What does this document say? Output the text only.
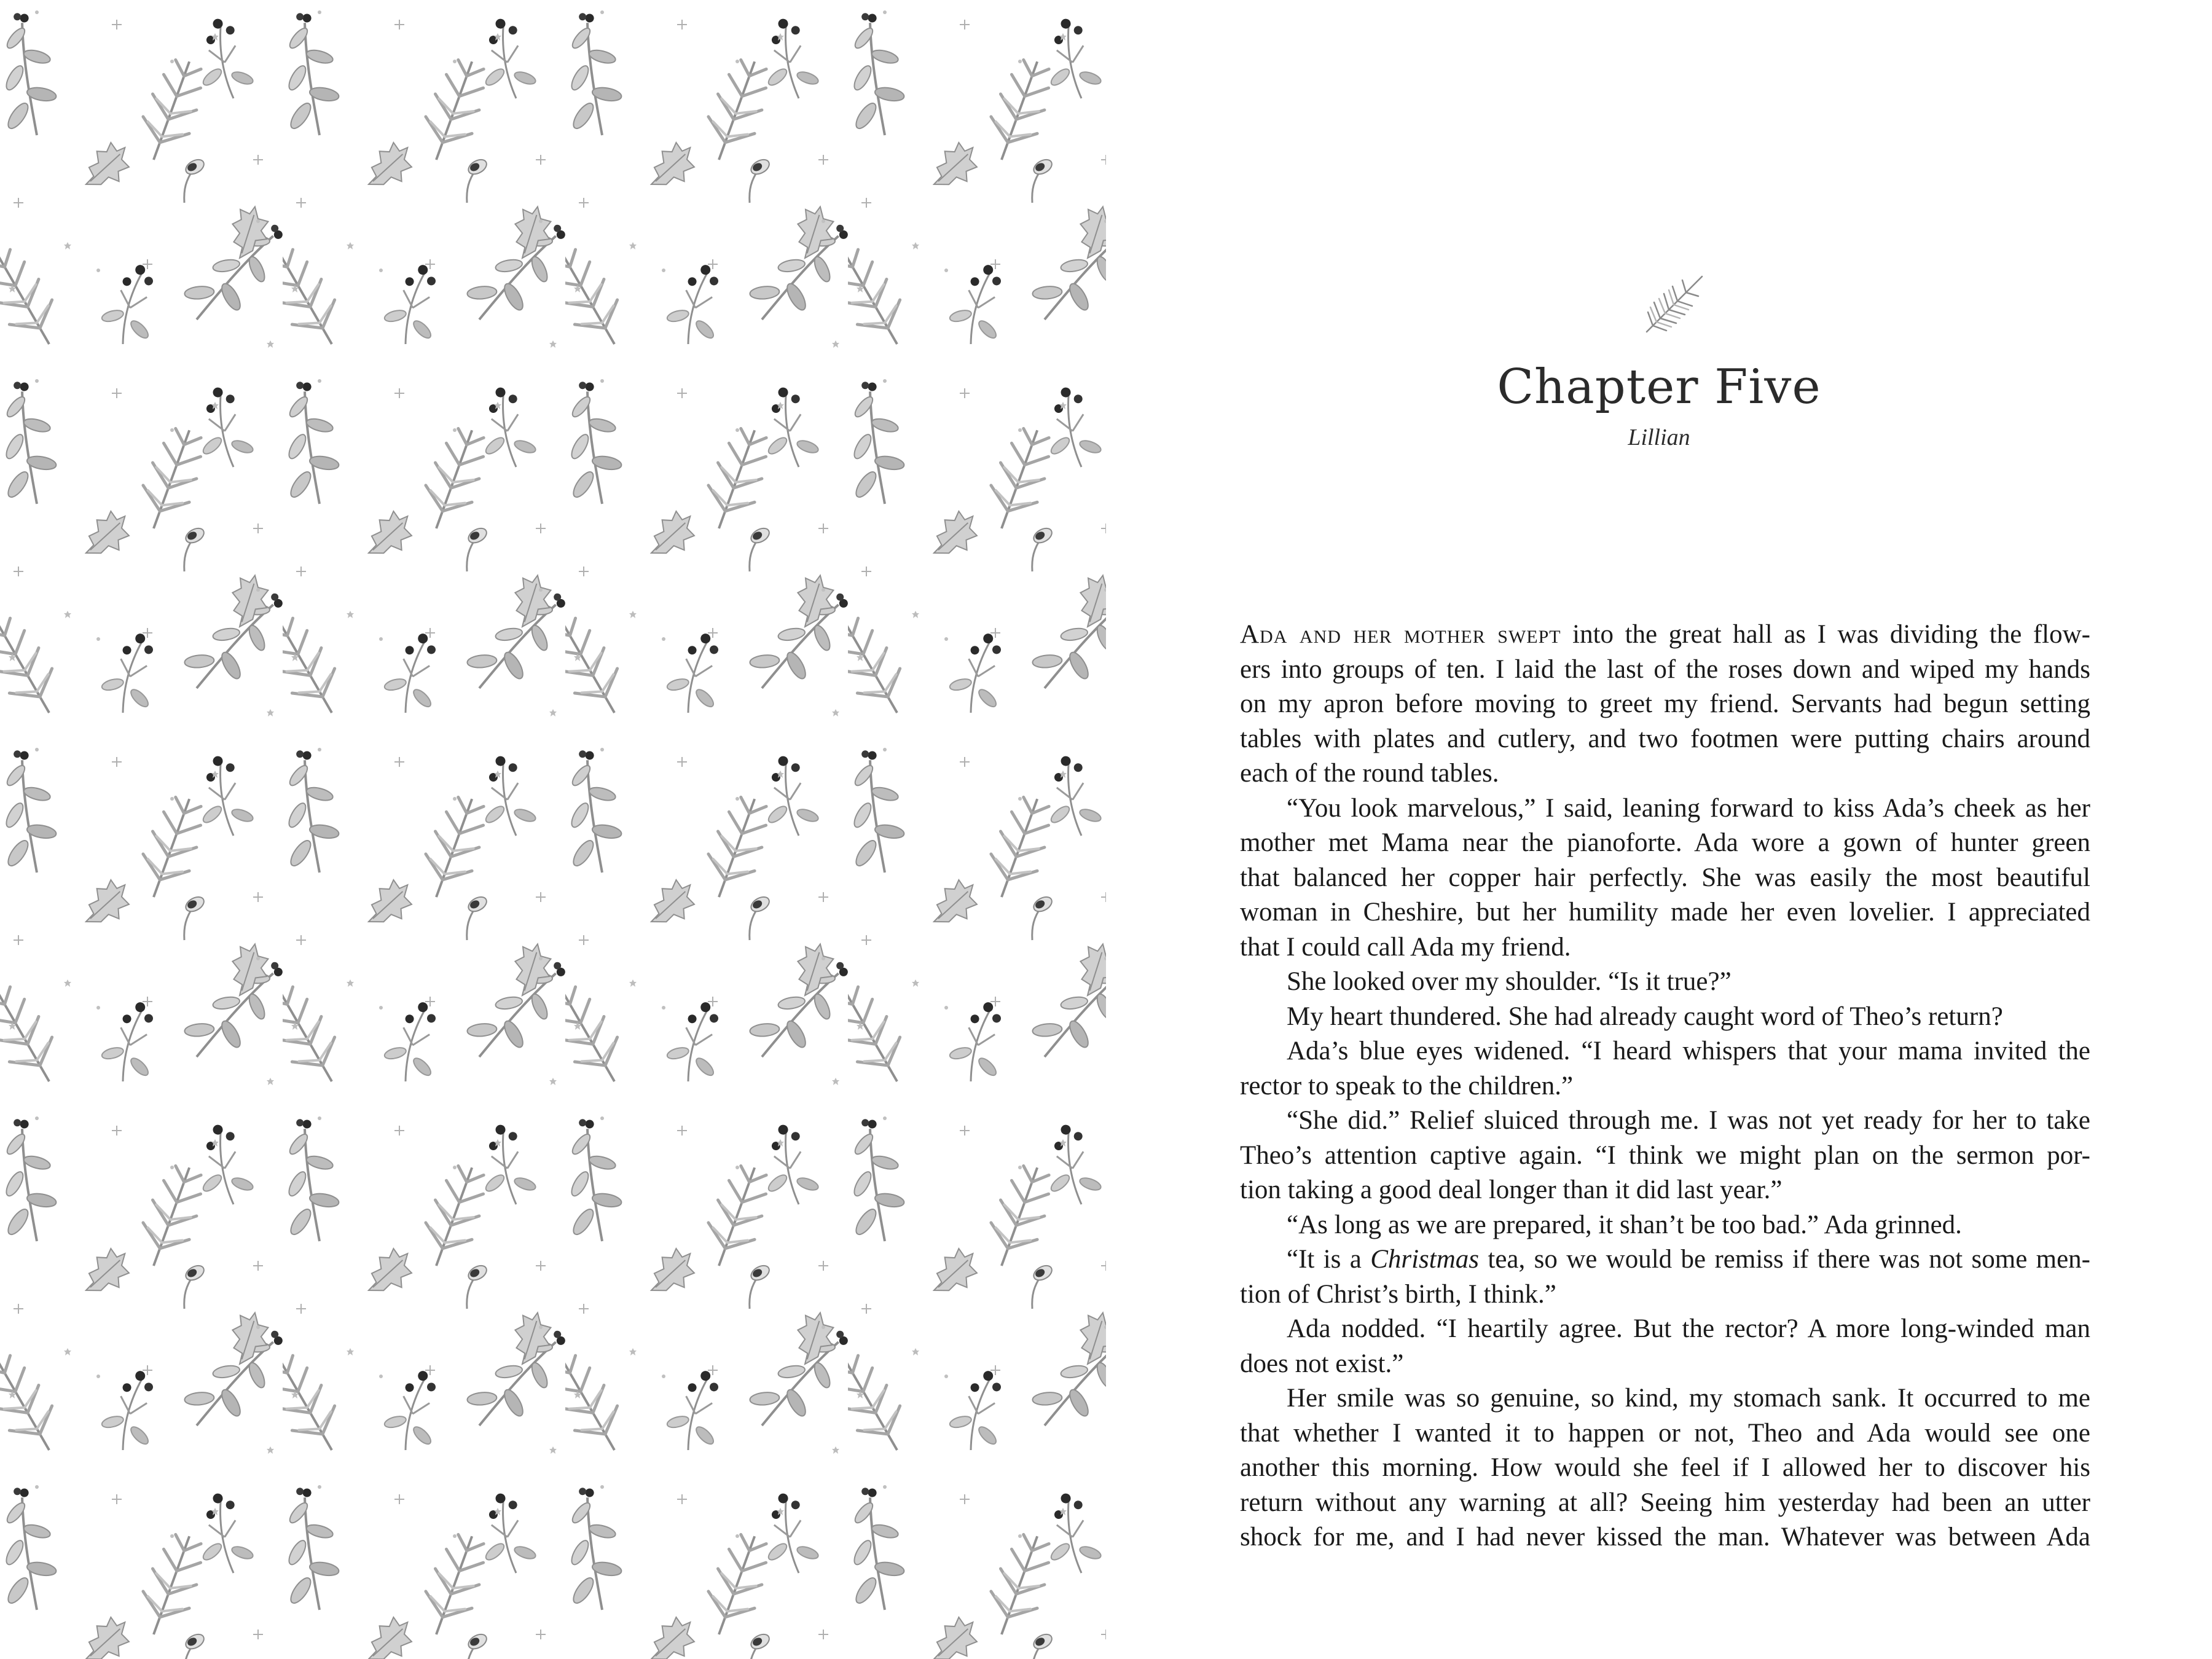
Chapter Five
Lillian
Ada and her mother swept into the great hall as I was dividing the flow-
ers into groups of ten. I laid the last of the roses down and wiped my hands
on my apron before moving to greet my friend. Servants had begun setting
tables with plates and cutlery, and two footmen were putting chairs around
each of the round tables.
“You look marvelous,” I said, leaning forward to kiss Ada’s cheek as her
mother met Mama near the pianoforte. Ada wore a gown of hunter green
that balanced her copper hair perfectly. She was easily the most beautiful
woman in Cheshire, but her humility made her even lovelier. I appreciated
that I could call Ada my friend.
She looked over my shoulder. “Is it true?”
My heart thundered. She had already caught word of Theo’s return?
Ada’s blue eyes widened. “I heard whispers that your mama invited the
rector to speak to the children.”
“She did.” Relief sluiced through me. I was not yet ready for her to take
Theo’s attention captive again. “I think we might plan on the sermon por-
tion taking a good deal longer than it did last year.”
“As long as we are prepared, it shan’t be too bad.” Ada grinned.
“It is a Christmas tea, so we would be remiss if there was not some men-
tion of Christ’s birth, I think.”
Ada nodded. “I heartily agree. But the rector? A more long-winded man
does not exist.”
Her smile was so genuine, so kind, my stomach sank. It occurred to me
that whether I wanted it to happen or not, Theo and Ada would see one
another this morning. How would she feel if I allowed her to discover his
return without any warning at all? Seeing him yesterday had been an utter
shock for me, and I had never kissed the man. Whatever was between Ada
